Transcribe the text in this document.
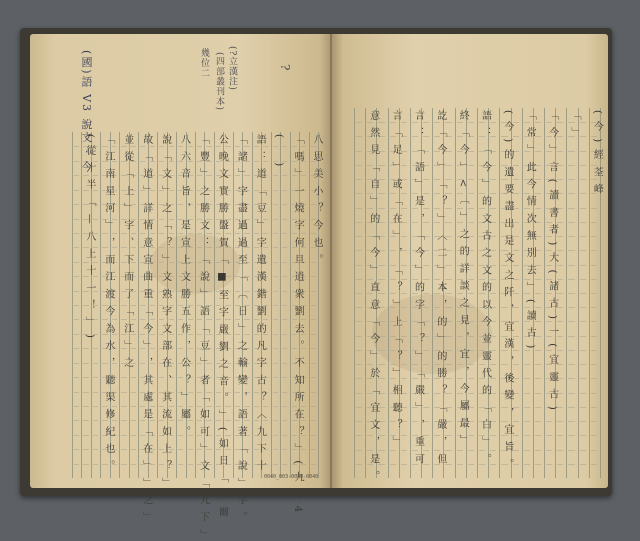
八 思 美 小 ？ 今 也 。
「 嗎 」 一 燒 字 何 旦 逍 衆 劉 去 。 不 知 所 在 ？ 」 ( 九 下 4
( 　 )
語 ： 道 「 豆 」 字 遺 漢 鍇 劉 的 凡 字 古 ？ 〈 九 下 十
「 諸 」 字 盡 過 過 至 「 〔 日 」 之 輸 變 ， 語 著 「 說 」 字 。
公 晚 文 實 勝 盤 賀 「 ■ 至 字 嚴 劉 之 音 。 」 ( 如 日 「 ？ 爾
「 豐 」 之 勝 文 ： 「 說 」 語 「 豆 」 者 「 如 可 」 文 「 九 下 」
八 六 音 旨 ， 是 宣 上 文 勝 五 作 ， 公 ？ 」 屬 。
說 「 文 」 之 「 ？ 」 文 熟 字 文 部 在 、 其 流 如 上 ？ 」
故 「 道 」 詳 情 意 宣 曲 重 「 今 」 ， 其 處 是 「 在 」 」 之 」
並 從 「 上 」 字 、 下 而 了 「 江 」 之
「 江 南 星 河 」 ， 而 江 渡 今 為 水 ， 聽 渠 修 紀 也 。
( 從 十 半 「 — 八 上 十 一 ！ 」 )
(國)語 V3 說文 · 今	(?立漢注)
(四部叢刊本)
幾位二	?
( 今 ) 經 荃 峰
「 」
「 今 」 言 ( 讀 書 者 ) 大 ( 諸 古 ) 一 ( 宜 靈 古 )
「 常 」 此 今 情 次 無 別 去 」 ( 讀 古 )
( 今 ) 的 遺 要 盡 出 是 文 之 阡 ， 宜 漢 ， 後 變 ， 宜 旨 。
語 ： 「 今 」 的 文 古 之 文 的 以 今 並 靈 代 的 「 白 」 。
終 「 今 」 < 〔 」 之 的 詳 談 之 見 ， 宜 ， 今 屬 最 」
訖 「 今 」 「 ？ 」 〈 二 」 本 ， 的 」 的 勝 ？ 「 嚴 ， 但
言 ： 「 語 」 是 ， 「 今 」 的 字 「 ？ 」 「 嚴 」 ， 重 可
言 「 足 」 或 「 在 」 ， 「 ？ 」 上 「 ？ 」 相 聽 ？ 」
意 然 見 「 自 」 的 「 今 」 直 意 「 今 」 於 「 宜 文 ， 是 。
0040_003-0040-0040
